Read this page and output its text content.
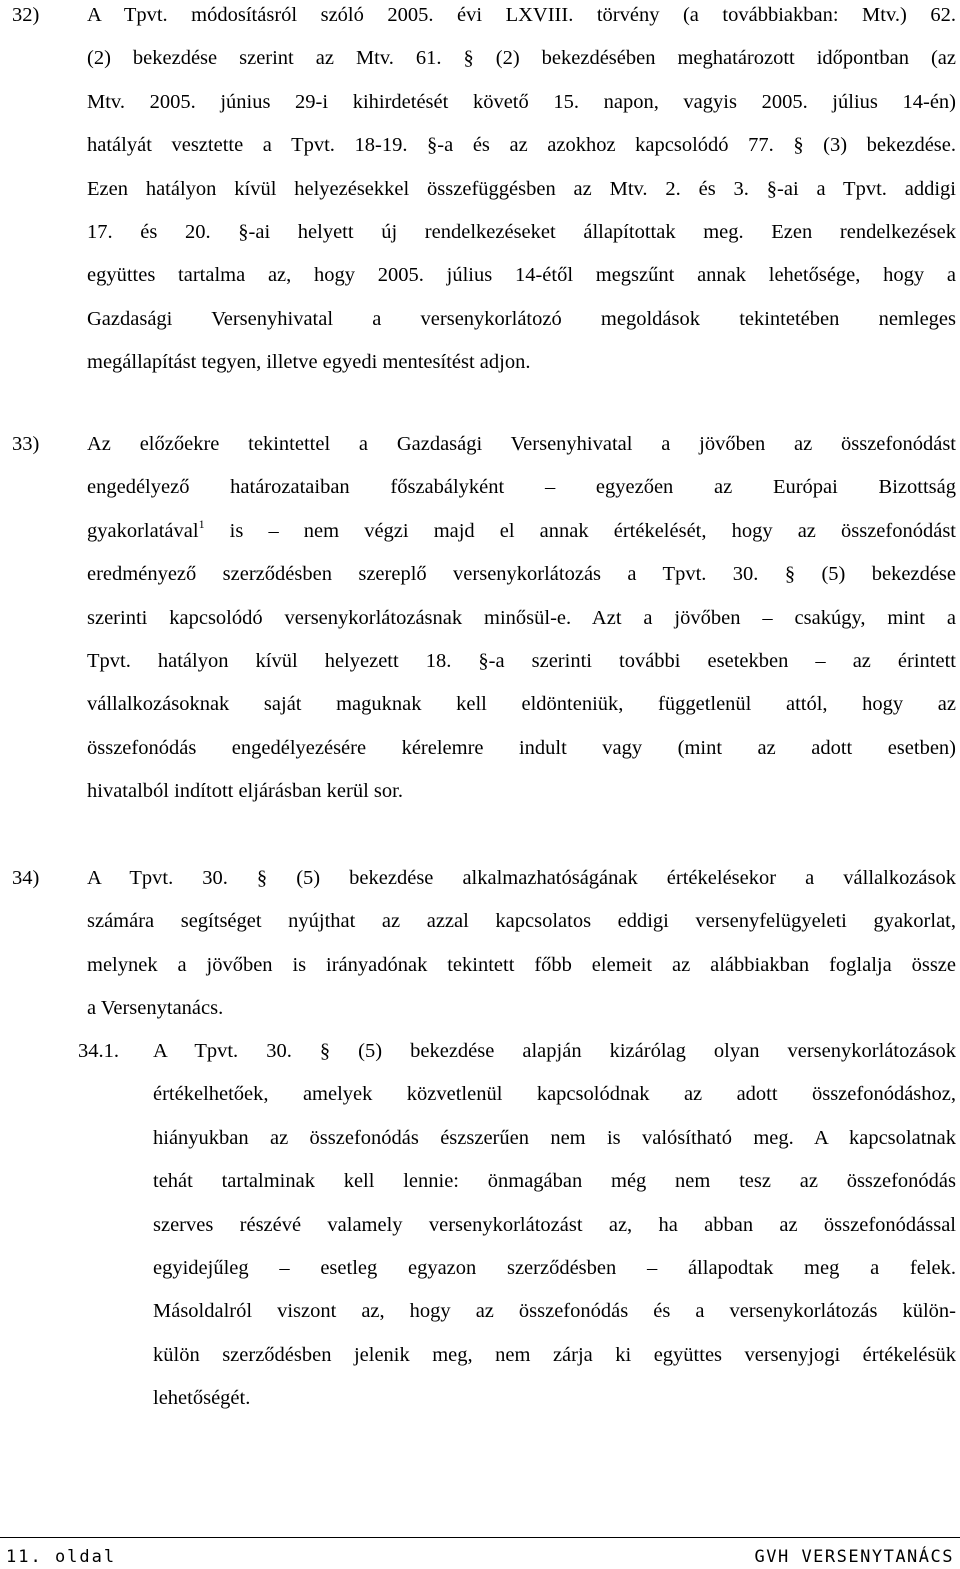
32)	A Tpvt. módosításról szóló 2005. évi LXVIII. törvény (a továbbiakban: Mtv.) 62.
(2) bekezdése szerint az Mtv. 61. § (2) bekezdésében meghatározott időpontban (az
Mtv. 2005. június 29-i kihirdetését követő 15. napon, vagyis 2005. július 14-én)
hatályát vesztette a Tpvt. 18-19. §-a és az azokhoz kapcsolódó 77. § (3) bekezdése.
Ezen hatályon kívül helyezésekkel összefüggésben az Mtv. 2. és 3. §-ai a Tpvt. addigi
17. és 20. §-ai helyett új rendelkezéseket állapítottak meg. Ezen rendelkezések
együttes tartalma az, hogy 2005. július 14-étől megszűnt annak lehetősége, hogy a
Gazdasági Versenyhivatal a versenykorlátozó megoldások tekintetében nemleges
megállapítást tegyen, illetve egyedi mentesítést adjon.
33)	Az előzőekre tekintettel a Gazdasági Versenyhivatal a jövőben az összefonódást
engedélyező határozataiban főszabályként – egyezően az Európai Bizottság
gyakorlatával$^1$ is – nem végzi majd el annak értékelését, hogy az összefonódást
eredményező szerződésben szereplő versenykorlátozás a Tpvt. 30. § (5) bekezdése
szerinti kapcsolódó versenykorlátozásnak minősül-e. Azt a jövőben – csakúgy, mint a
Tpvt. hatályon kívül helyezett 18. §-a szerinti további esetekben – az érintett
vállalkozásoknak saját maguknak kell eldönteniük, függetlenül attól, hogy az
összefonódás engedélyezésére kérelemre indult vagy (mint az adott esetben)
hivatalból indított eljárásban kerül sor.
34)	A Tpvt. 30. § (5) bekezdése alkalmazhatóságának értékelésekor a vállalkozások
számára segítséget nyújthat az azzal kapcsolatos eddigi versenyfelügyeleti gyakorlat,
melynek a jövőben is irányadónak tekintett főbb elemeit az alábbiakban foglalja össze
a Versenytanács.
34.1. A Tpvt. 30. § (5) bekezdése alapján kizárólag olyan versenykorlátozások
értékelhetőek, amelyek közvetlenül kapcsolódnak az adott összefonódáshoz,
hiányukban az összefonódás észszerűen nem is valósítható meg. A kapcsolatnak
tehát tartalminak kell lennie: önmagában még nem tesz az összefonódás
szerves részévé valamely versenykorlátozást az, ha abban az összefonódással
egyidejűleg – esetleg egyazon szerződésben – állapodtak meg a felek.
Másoldalról viszont az, hogy az összefonódás és a versenykorlátozás külön-
külön szerződésben jelenik meg, nem zárja ki együttes versenyjogi értékelésük
lehetőségét.
11. oldal	GVH VERSENYTANÁCS
